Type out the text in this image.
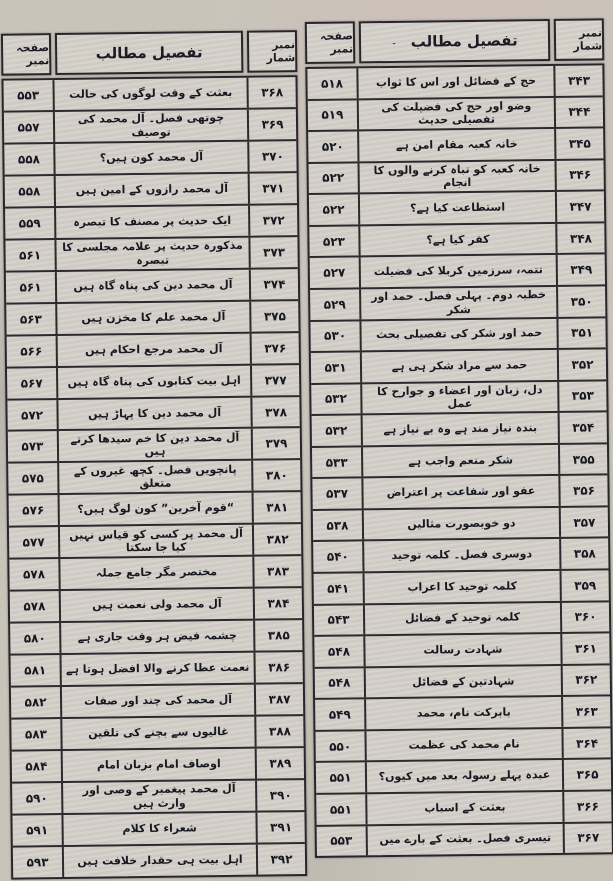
نمبر شمار
تفصیل مطالب
صفحہ نمبر
۳۶۸
بعثت کے وقت لوگوں کی حالت
۵۵۳
۳۶۹
چوتھی فصل۔ آل محمد کی توصیف
۵۵۷
۳۷۰
آل محمد کون ہیں؟
۵۵۸
۳۷۱
آل محمد رازوں کے امین ہیں
۵۵۸
۳۷۲
ایک حدیث پر مصنف کا تبصرہ
۵۵۹
۳۷۳
مذکورہ حدیث پر علامہ مجلسی کا تبصرہ
۵۶۱
۳۷۴
آل محمد دین کی پناہ گاہ ہیں
۵۶۱
۳۷۵
آل محمد علم کا مخزن ہیں
۵۶۳
۳۷۶
آل محمد مرجع احکام ہیں
۵۶۶
۳۷۷
اہل بیت کتابوں کی پناہ گاہ ہیں
۵۶۷
۳۷۸
آل محمد دین کا پہاڑ ہیں
۵۷۲
۳۷۹
آل محمد دین کا خم سیدھا کرتے ہیں
۵۷۳
۳۸۰
پانچویں فصل۔ کچھ غیروں کے متعلق
۵۷۵
۳۸۱
“قوم آخرین” کون لوگ ہیں؟
۵۷۶
۳۸۲
آل محمد پر کسی کو قیاس نہیں کیا جا سکتا
۵۷۷
۳۸۳
مختصر مگر جامع جملہ
۵۷۸
۳۸۴
آل محمد ولی نعمت ہیں
۵۷۸
۳۸۵
چشمہ فیض ہر وقت جاری ہے
۵۸۰
۳۸۶
نعمت عطا کرنے والا افضل ہوتا ہے
۵۸۱
۳۸۷
آل محمد کی چند اور صفات
۵۸۲
۳۸۸
غالیوں سے بچنے کی تلقین
۵۸۳
۳۸۹
اوصاف امام بزبان امام
۵۸۴
۳۹۰
آل محمد پیغمبر کے وصی اور وارث ہیں
۵۹۰
۳۹۱
شعراء کا کلام
۵۹۱
۳۹۲
اہل بیت ہی حقدار خلافت ہیں
۵۹۳
نمبر شمار
تفصیل مطالب
۔
صفحہ نمبر
۳۴۳
حج کے فضائل اور اس کا ثواب
۵۱۸
۳۴۴
وضو اور حج کی فضیلت کی تفصیلی حدیث
۵۱۹
۳۴۵
خانہ کعبہ مقام امن ہے
۵۲۰
۳۴۶
خانہ کعبہ کو تباہ کرنے والوں کا انجام
۵۲۲
۳۴۷
استطاعت کیا ہے؟
۵۲۲
۳۴۸
کفر کیا ہے؟
۵۲۳
۳۴۹
تتمہ، سرزمین کربلا کی فضیلت
۵۲۷
۳۵۰
خطبہ دوم۔ پہلی فصل۔ حمد اور شکر
۵۲۹
۳۵۱
حمد اور شکر کی تفصیلی بحث
۵۳۰
۳۵۲
حمد سے مراد شکر ہی ہے
۵۳۱
۳۵۳
دل، زبان اور اعضاء و جوارح کا عمل
۵۳۲
۳۵۴
بندہ نیاز مند ہے وہ بے نیاز ہے
۵۳۲
۳۵۵
شکر منعم واجب ہے
۵۳۳
۳۵۶
عفو اور شفاعت پر اعتراض
۵۳۷
۳۵۷
دو خوبصورت مثالیں
۵۳۸
۳۵۸
دوسری فصل۔ کلمہ توحید
۵۴۰
۳۵۹
کلمہ توحید کا اعراب
۵۴۱
۳۶۰
کلمہ توحید کے فضائل
۵۴۳
۳۶۱
شہادت رسالت
۵۴۸
۳۶۲
شہادتین کے فضائل
۵۴۸
۳۶۳
بابرکت نام، محمد
۵۴۹
۳۶۴
نام محمد کی عظمت
۵۵۰
۳۶۵
عبدہ پہلے رسولہ بعد میں کیوں؟
۵۵۱
۳۶۶
بعثت کے اسباب
۵۵۱
۳۶۷
تیسری فصل۔ بعثت کے بارے میں
۵۵۳
